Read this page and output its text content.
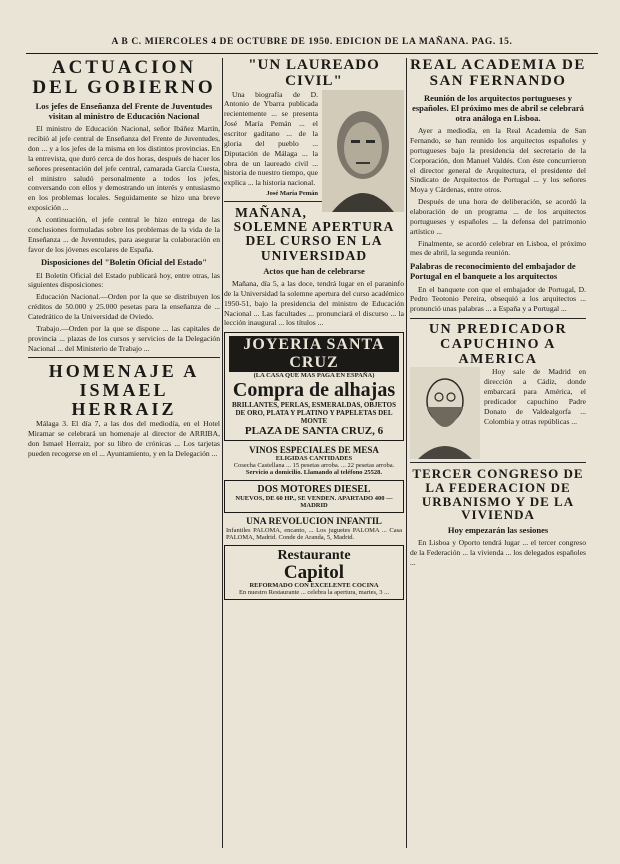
A B C. MIERCOLES 4 DE OCTUBRE DE 1950. EDICION DE LA MAÑANA. PAG. 15.
ACTUACION DEL GOBIERNO
Los jefes de Enseñanza del Frente de Juventudes visitan al ministro de Educación Nacional

El ministro de Educación Nacional, señor Ibáñez Martín, recibió al jefe central de Enseñanza del Frente de Juventudes, don ... y a los jefes de la misma en los distintos provincias. En la entrevista, que duró cerca de dos horas, después de hacer los señores presentación del jefe central, camarada García Cuesta, el ministro saludó personalmente a todos los jefes, conversando con ellos y demostrando un interés y entusiasmo en los problemas locales. Seguidamente se hizo una breve exposición ...

A continuación, el jefe central le hizo entrega de las conclusiones formuladas sobre los problemas de la vida de la Enseñanza ... de Juventudes, para asegurar la colaboración en favor de los jóvenes escolares de España.

Disposiciones del "Boletín Oficial del Estado"

El Boletín Oficial del Estado publicará hoy, entre otras, las siguientes disposiciones:

Educación Nacional.—Orden por la que se distribuyen los créditos de 50.000 y 25.000 pesetas para la enseñanza de ... Catedrático de la Universidad de Oviedo.

Trabajo.—Orden por la que se dispone ... las capitales de provincia ... plazas de los cursos y servicios de la Delegación Nacional ... del Ministerio de Trabajo ...

HOMENAJE A ISMAEL HERRAIZ

Málaga 3. El día 7, a las dos del mediodía, en el Hotel Miramar se celebrará un homenaje al director de ARRIBA, don Ismael Herraiz, por su libro de crónicas ... Los tarjetas pueden recogerse en el ... Ayuntamiento, y en la Delegación ...

"UN LAUREADO CIVIL"

Una biografía de D. Antonio de Ybarra publicada recientemente ... se presenta José María Pemán ... el escritor gaditano ... de la gloria del pueblo ... Diputación de Málaga ... la obra de un laureado civil ... historia de nuestro tiempo, que explica ... la historia nacional.

José María Pemán
MAÑANA, SOLEMNE APERTURA DEL CURSO EN LA UNIVERSIDAD
Actos que han de celebrarse

Mañana, día 5, a las doce, tendrá lugar en el paraninfo de la Universidad la solemne apertura del curso académico 1950-51, bajo la presidencia del ministro de Educación Nacional ... Las facultades ... pronunciará el discurso ... la lección inaugural ... los títulos ...

JOYERIA SANTA CRUZ
(LA CASA QUE MAS PAGA EN ESPAÑA)
Compra de alhajas
BRILLANTES, PERLAS, ESMERALDAS, OBJETOS DE ORO, PLATA Y PLATINO Y PAPELETAS DEL MONTE
PLAZA DE SANTA CRUZ, 6
VINOS ESPECIALES DE MESA
ELIGIDAS CANTIDADES
Cosecha Castellana ... 15 pesetas arroba. ... 22 pesetas arroba.
Servicio a domicilio. Llamando al teléfono 25528.
DOS MOTORES DIESEL
NUEVOS, DE 60 HP., SE VENDEN. APARTADO 400 — MADRID
UNA REVOLUCION INFANTIL
Infantiles PALOMA, encanto, ... Los juguetes PALOMA ... Casa PALOMA, Madrid. Conde de Aranda, 5, Madrid.
Restaurante
Capitol
REFORMADO CON EXCELENTE COCINA
En nuestro Restaurante ... celebra la apertura, martes, 3 ...
REAL ACADEMIA DE SAN FERNANDO
Reunión de los arquitectos portugueses y españoles. El próximo mes de abril se celebrará otra análoga en Lisboa.

Ayer a mediodía, en la Real Academia de San Fernando, se han reunido los arquitectos españoles y portugueses bajo la presidencia del secretario de la Corporación, don Manuel Valdés. Con éste concurrieron el director general de Arquitectura, el presidente del Sindicato de Arquitectos de Portugal ... y los señores Moya y Cárdenas, entre otros.

Después de una hora de deliberación, se acordó la elaboración de un programa ... de los arquitectos portugueses y españoles ... la defensa del patrimonio artístico ...

Finalmente, se acordó celebrar en Lisboa, el próximo mes de abril, la segunda reunión.

Palabras de reconocimiento del embajador de Portugal en el banquete a los arquitectos

En el banquete con que el embajador de Portugal, D. Pedro Teotonio Pereira, obsequió a los arquitectos ... pronunció unas palabras ... a España y a Portugal ...

UN PREDICADOR CAPUCHINO A AMERICA

Hoy sale de Madrid en dirección a Cádiz, donde embarcará para América, el predicador capuchino Padre Donato de Valdealgorfa ... Colombia y otras repúblicas ...

TERCER CONGRESO DE LA FEDERACION DE URBANISMO Y DE LA VIVIENDA
Hoy empezarán las sesiones

En Lisboa y Oporto tendrá lugar ... el tercer congreso de la Federación ... la vivienda ... los delegados españoles ...
